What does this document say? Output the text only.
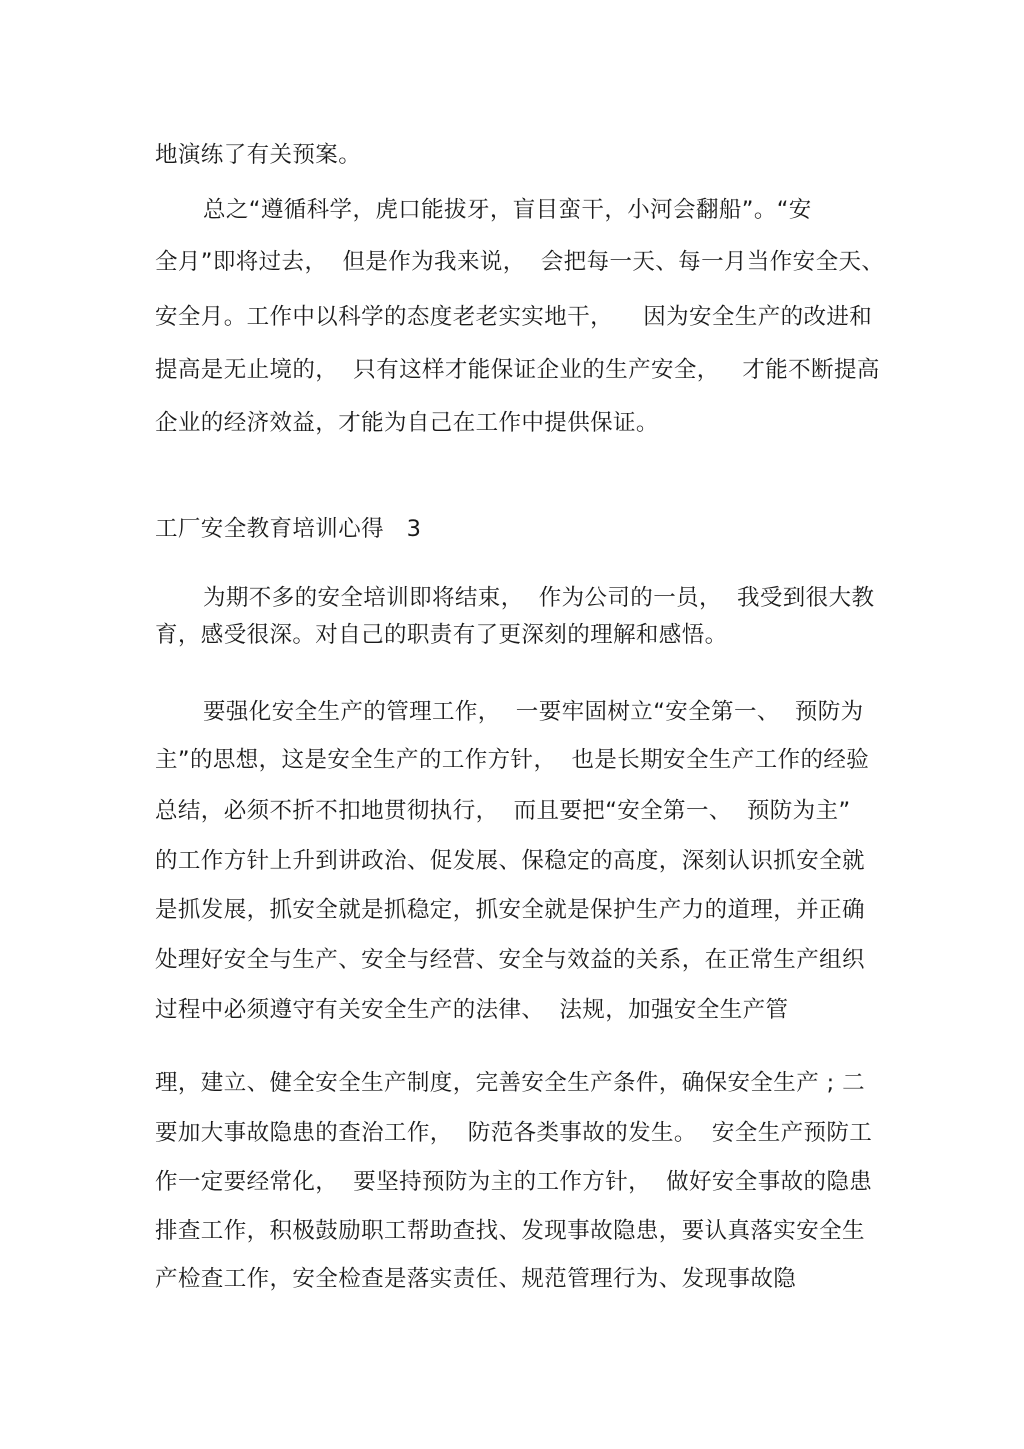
地演练了有关预案。
总之“遵循科学，虎口能拔牙，盲目蛮干，小河会翻船”。“安
全月”即将过去，  但是作为我来说，  会把每一天、每一月当作安全天、
安全月。工作中以科学的态度老老实实地干，    因为安全生产的改进和
提高是无止境的，  只有这样才能保证企业的生产安全，   才能不断提高
企业的经济效益，才能为自己在工作中提供保证。
工厂安全教育培训心得   3
为期不多的安全培训即将结束，  作为公司的一员，  我受到很大教
育，感受很深。对自己的职责有了更深刻的理解和感悟。
要强化安全生产的管理工作，  一要牢固树立“安全第一、  预防为
主”的思想，这是安全生产的工作方针，  也是长期安全生产工作的经验
总结，必须不折不扣地贯彻执行，  而且要把“安全第一、  预防为主”
的工作方针上升到讲政治、促发展、保稳定的高度，深刻认识抓安全就
是抓发展，抓安全就是抓稳定，抓安全就是保护生产力的道理，并正确
处理好安全与生产、安全与经营、安全与效益的关系，在正常生产组织
过程中必须遵守有关安全生产的法律、  法规，加强安全生产管
理，建立、健全安全生产制度，完善安全生产条件，确保安全生产 ; 二
要加大事故隐患的查治工作，  防范各类事故的发生。  安全生产预防工
作一定要经常化，  要坚持预防为主的工作方针，  做好安全事故的隐患
排查工作，积极鼓励职工帮助查找、发现事故隐患，要认真落实安全生
产检查工作，安全检查是落实责任、规范管理行为、发现事故隐
